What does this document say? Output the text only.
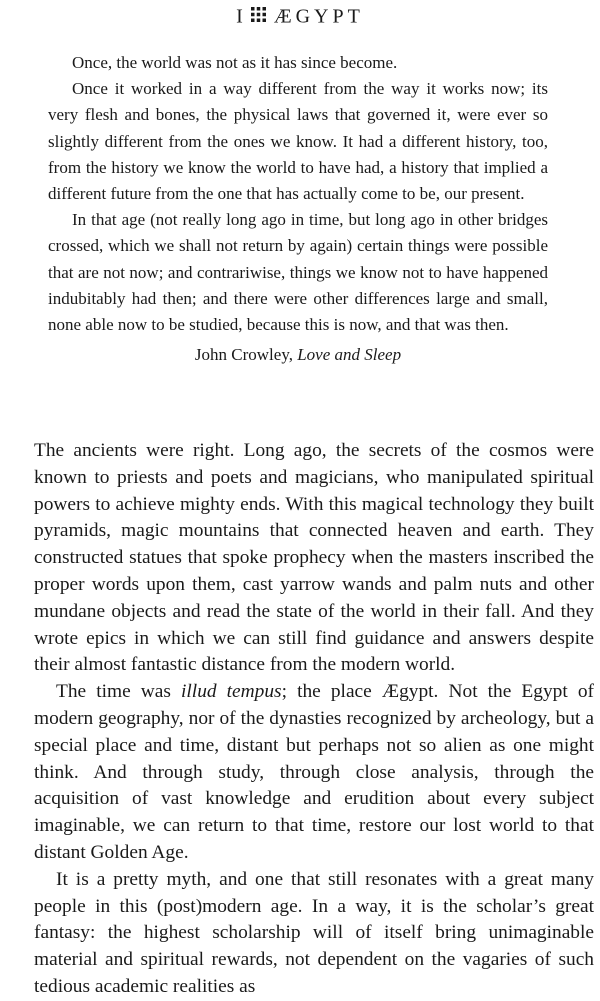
I ÆGYPT

Once, the world was not as it has since become.

Once it worked in a way different from the way it works now; its very flesh and bones, the physical laws that governed it, were ever so slightly different from the ones we know. It had a different history, too, from the history we know the world to have had, a history that implied a different future from the one that has actually come to be, our present.

In that age (not really long ago in time, but long ago in other bridges crossed, which we shall not return by again) certain things were possible that are not now; and contrariwise, things we know not to have happened indubitably had then; and there were other differences large and small, none able now to be studied, because this is now, and that was then.

John Crowley, Love and Sleep

The ancients were right. Long ago, the secrets of the cosmos were known to priests and poets and magicians, who manipulated spiritual powers to achieve mighty ends. With this magical technology they built pyramids, magic mountains that connected heaven and earth. They constructed statues that spoke prophecy when the masters inscribed the proper words upon them, cast yarrow wands and palm nuts and other mundane objects and read the state of the world in their fall. And they wrote epics in which we can still find guidance and answers despite their almost fantastic distance from the modern world.

The time was illud tempus; the place Ægypt. Not the Egypt of modern geography, nor of the dynasties recognized by archeology, but a special place and time, distant but perhaps not so alien as one might think. And through study, through close analysis, through the acquisition of vast knowledge and erudition about every subject imaginable, we can return to that time, restore our lost world to that distant Golden Age.

It is a pretty myth, and one that still resonates with a great many people in this (post)modern age. In a way, it is the scholar’s great fantasy: the highest scholarship will of itself bring unimaginable material and spiritual rewards, not dependent on the vagaries of such tedious academic realities as
